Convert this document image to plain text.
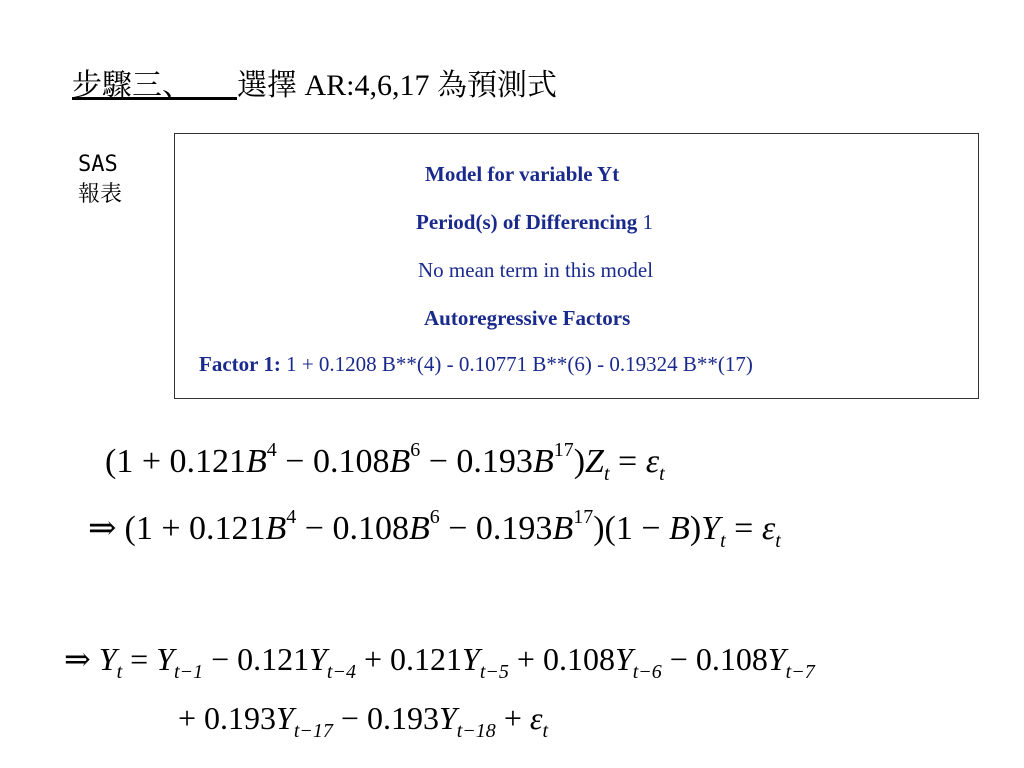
步驟三、　　 選擇 AR:4,6,17 為預測式
SAS
報表
Model for variable Yt
Period(s) of Differencing 1
No mean term in this model
Autoregressive Factors
Factor 1: 1 + 0.1208 B**(4) - 0.10771 B**(6) - 0.19324 B**(17)
$(1 + 0.121B^4 - 0.108B^6 - 0.193B^{17})Z_t = \varepsilon_t$
⇒ $(1 + 0.121B^4 - 0.108B^6 - 0.193B^{17})(1 - B)Y_t = \varepsilon_t$
⇒ $Y_t = Y_{t-1} - 0.121Y_{t-4} + 0.121Y_{t-5} + 0.108Y_{t-6} - 0.108Y_{t-7}$
+ $0.193Y_{t-17} - 0.193Y_{t-18} + \varepsilon_t$
